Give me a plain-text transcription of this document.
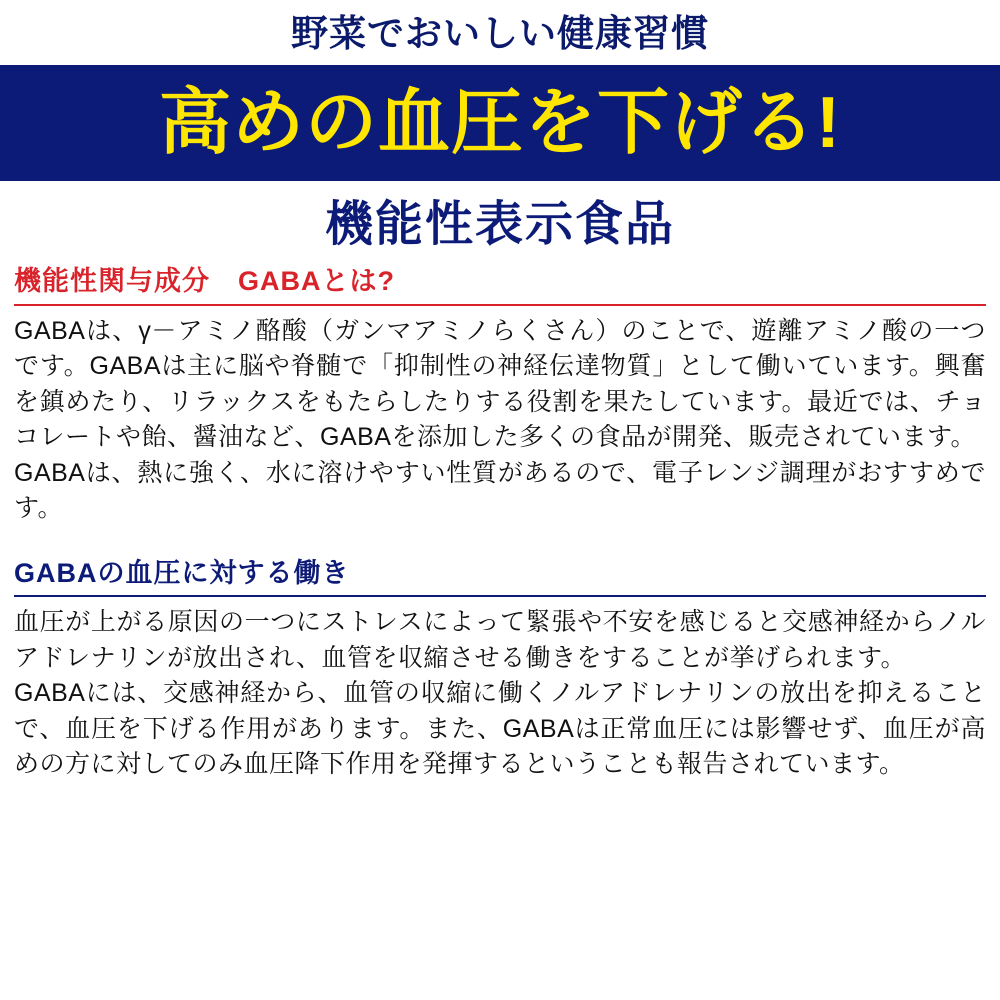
野菜でおいしい健康習慣
高めの血圧を下げる!
機能性表示食品
機能性関与成分　GABAとは?

GABAは、γ－アミノ酪酸（ガンマアミノらくさん）のことで、遊離アミノ酸の一つです。GABAは主に脳や脊髄で「抑制性の神経伝達物質」として働いています。興奮を鎮めたり、リラックスをもたらしたりする役割を果たしています。最近では、チョコレートや飴、醤油など、GABAを添加した多くの食品が開発、販売されています。

GABAは、熱に強く、水に溶けやすい性質があるので、電子レンジ調理がおすすめです。

GABAの血圧に対する働き

血圧が上がる原因の一つにストレスによって緊張や不安を感じると交感神経からノルアドレナリンが放出され、血管を収縮させる働きをすることが挙げられます。

GABAには、交感神経から、血管の収縮に働くノルアドレナリンの放出を抑えることで、血圧を下げる作用があります。また、GABAは正常血圧には影響せず、血圧が高めの方に対してのみ血圧降下作用を発揮するということも報告されています。
